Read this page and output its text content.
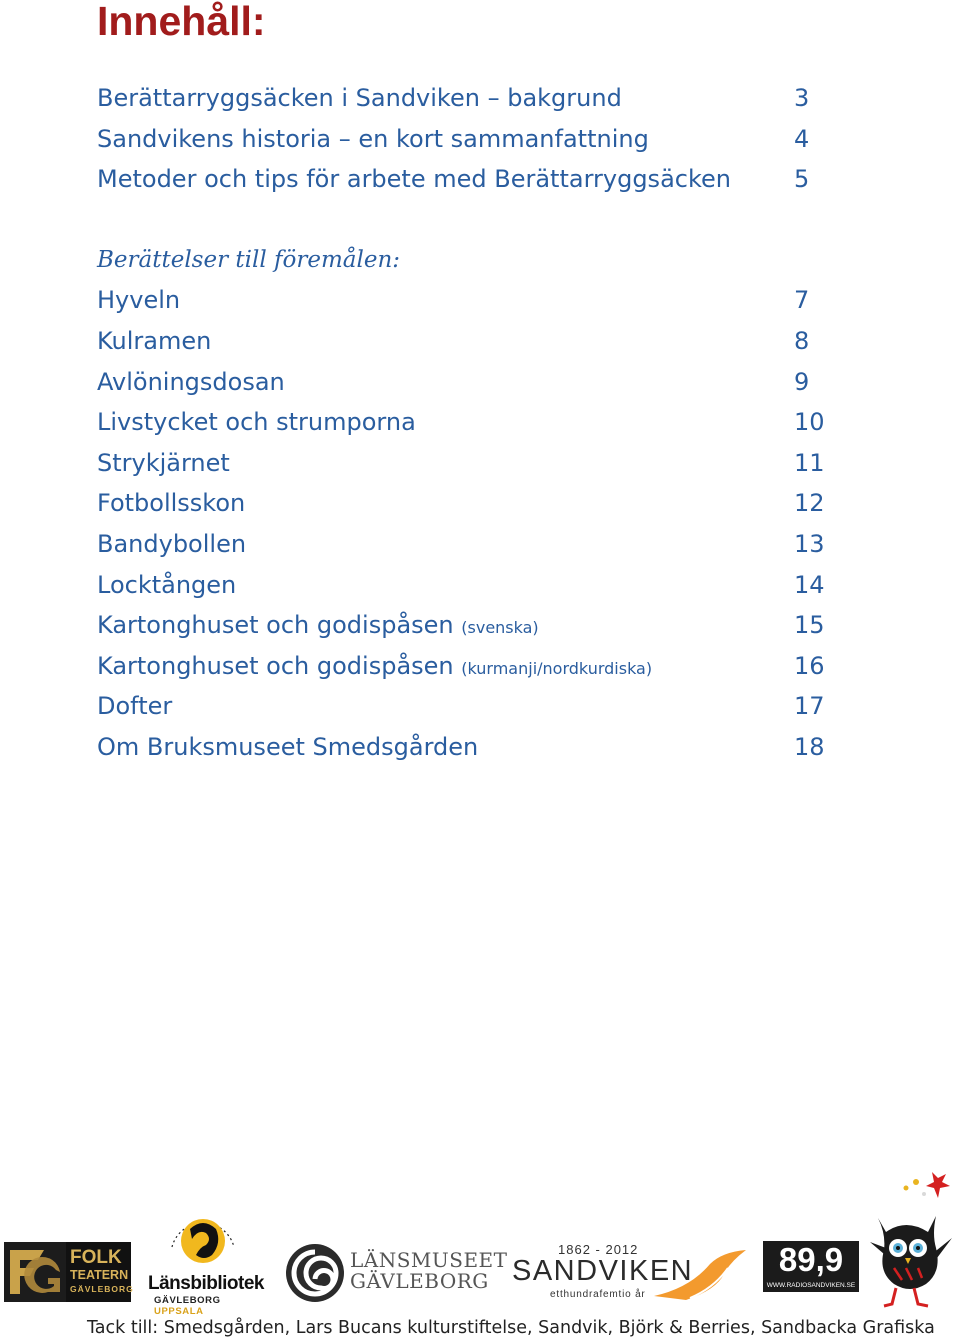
Innehåll:
Berättarryggsäcken i Sandviken – bakgrund	3
Sandvikens historia – en kort sammanfattning	4
Metoder och tips för arbete med Berättarryggsäcken	5
Berättelser till föremålen:
Hyveln	7
Kulramen	8
Avlöningsdosan	9
Livstycket och strumporna	10
Strykjärnet	11
Fotbollsskon	12
Bandybollen	13
Locktången	14
Kartonghuset och godispåsen (svenska)	15
Kartonghuset och godispåsen (kurmanji/nordkurdiska)	16
Dofter	17
Om Bruksmuseet Smedsgården	18
FOLK
TEATERN
GÄVLEBORG Länsbibliotek
GÄVLEBORG UPPSALA
LÄNSMUSEET
GÄVLEBORG
1862 - 2012
SANDVIKEN
etthundrafemtio år
89,9
WWW.RADIOSANDVIKEN.SE
Tack till: Smedsgården, Lars Bucans kulturstiftelse, Sandvik, Björk & Berries, Sandbacka Grafiska
